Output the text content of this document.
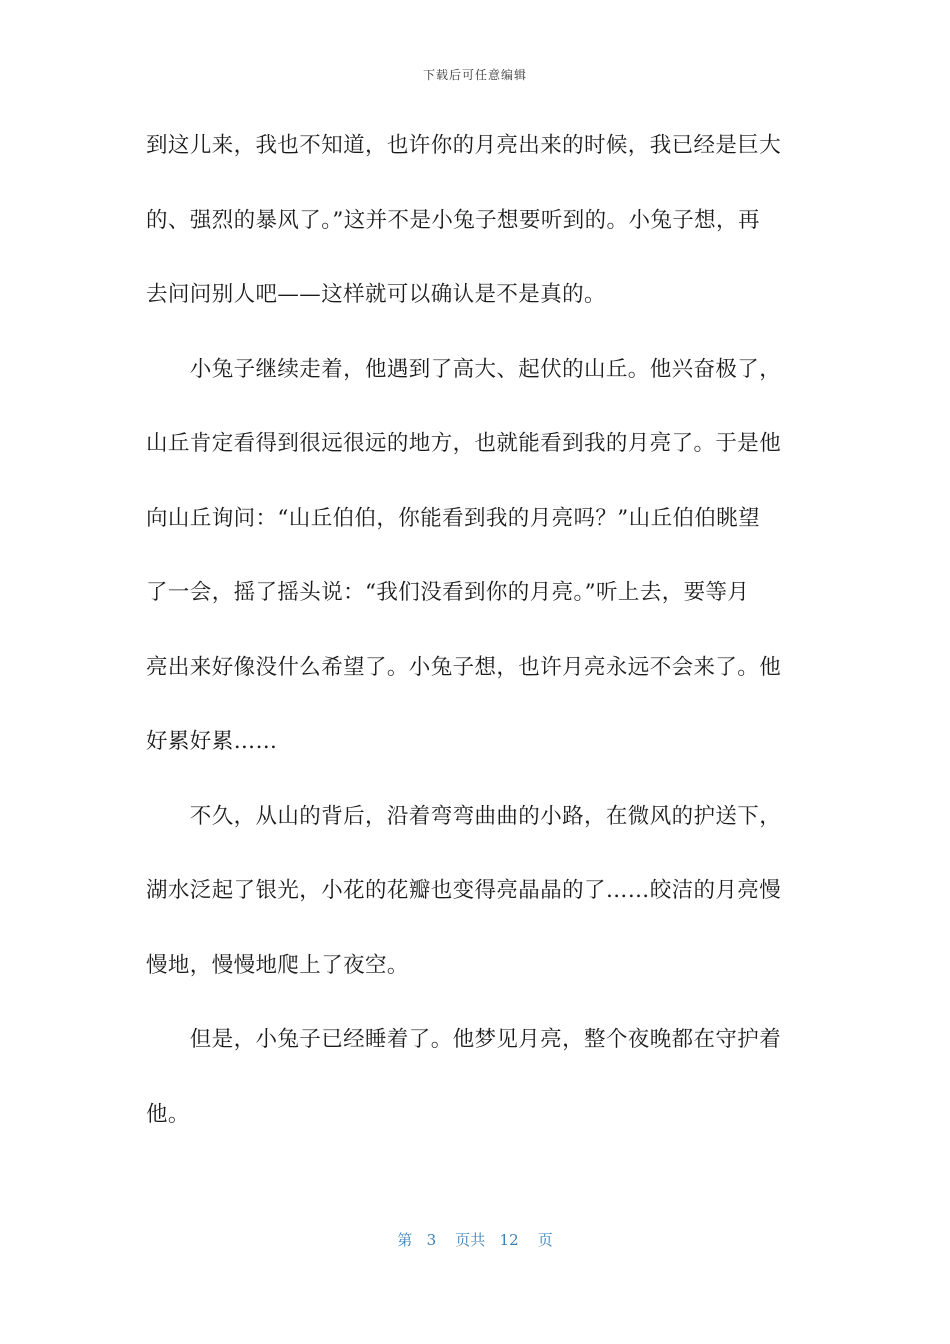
下载后可任意编辑
到这儿来，我也不知道，也许你的月亮出来的时候，我已经是巨大
的、强烈的暴风了。”这并不是小兔子想要听到的。小兔子想，再
去问问别人吧——这样就可以确认是不是真的。
　　小兔子继续走着，他遇到了高大、起伏的山丘。他兴奋极了，
山丘肯定看得到很远很远的地方，也就能看到我的月亮了。于是他
向山丘询问：“山丘伯伯，你能看到我的月亮吗？”山丘伯伯眺望
了一会，摇了摇头说：“我们没看到你的月亮。”听上去，要等月
亮出来好像没什么希望了。小兔子想，也许月亮永远不会来了。他
好累好累……
　　不久，从山的背后，沿着弯弯曲曲的小路，在微风的护送下，
湖水泛起了银光，小花的花瓣也变得亮晶晶的了……皎洁的月亮慢
慢地，慢慢地爬上了夜空。
　　但是，小兔子已经睡着了。他梦见月亮，整个夜晚都在守护着
他。
第 3 页共 12 页
